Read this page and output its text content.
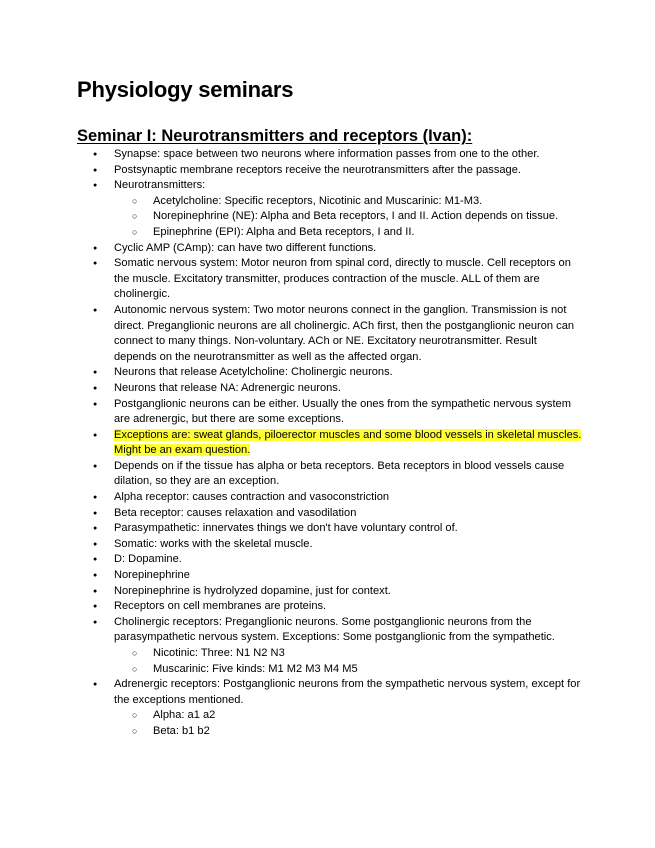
Physiology seminars
Seminar I: Neurotransmitters and receptors (Ivan):
● Synapse: space between two neurons where information passes from one to the other.
● Postsynaptic membrane receptors receive the neurotransmitters after the passage.
● Neurotransmitters:
○ Acetylcholine: Specific receptors, Nicotinic and Muscarinic: M1-M3.
○ Norepinephrine (NE): Alpha and Beta receptors, I and II. Action depends on tissue.
○ Epinephrine (EPI): Alpha and Beta receptors, I and II.
● Cyclic AMP (CAmp): can have two different functions.
● Somatic nervous system: Motor neuron from spinal cord, directly to muscle. Cell receptors on the muscle. Excitatory transmitter, produces contraction of the muscle. ALL of them are cholinergic.
● Autonomic nervous system: Two motor neurons connect in the ganglion. Transmission is not direct. Preganglionic neurons are all cholinergic. ACh first, then the postganglionic neuron can connect to many things. Non-voluntary. ACh or NE. Excitatory neurotransmitter. Result depends on the neurotransmitter as well as the affected organ.
● Neurons that release Acetylcholine: Cholinergic neurons.
● Neurons that release NA: Adrenergic neurons.
● Postganglionic neurons can be either. Usually the ones from the sympathetic nervous system are adrenergic, but there are some exceptions.
● Exceptions are: sweat glands, piloerector muscles and some blood vessels in skeletal muscles. Might be an exam question.
● Depends on if the tissue has alpha or beta receptors. Beta receptors in blood vessels cause dilation, so they are an exception.
● Alpha receptor: causes contraction and vasoconstriction
● Beta receptor: causes relaxation and vasodilation
● Parasympathetic: innervates things we don't have voluntary control of.
● Somatic: works with the skeletal muscle.
● D: Dopamine.
● Norepinephrine
● Norepinephrine is hydrolyzed dopamine, just for context.
● Receptors on cell membranes are proteins.
● Cholinergic receptors: Preganglionic neurons. Some postganglionic neurons from the parasympathetic nervous system. Exceptions: Some postganglionic from the sympathetic.
○ Nicotinic: Three: N1 N2 N3
○ Muscarinic: Five kinds: M1 M2 M3 M4 M5
● Adrenergic receptors: Postganglionic neurons from the sympathetic nervous system, except for the exceptions mentioned.
○ Alpha: a1 a2
○ Beta: b1 b2
